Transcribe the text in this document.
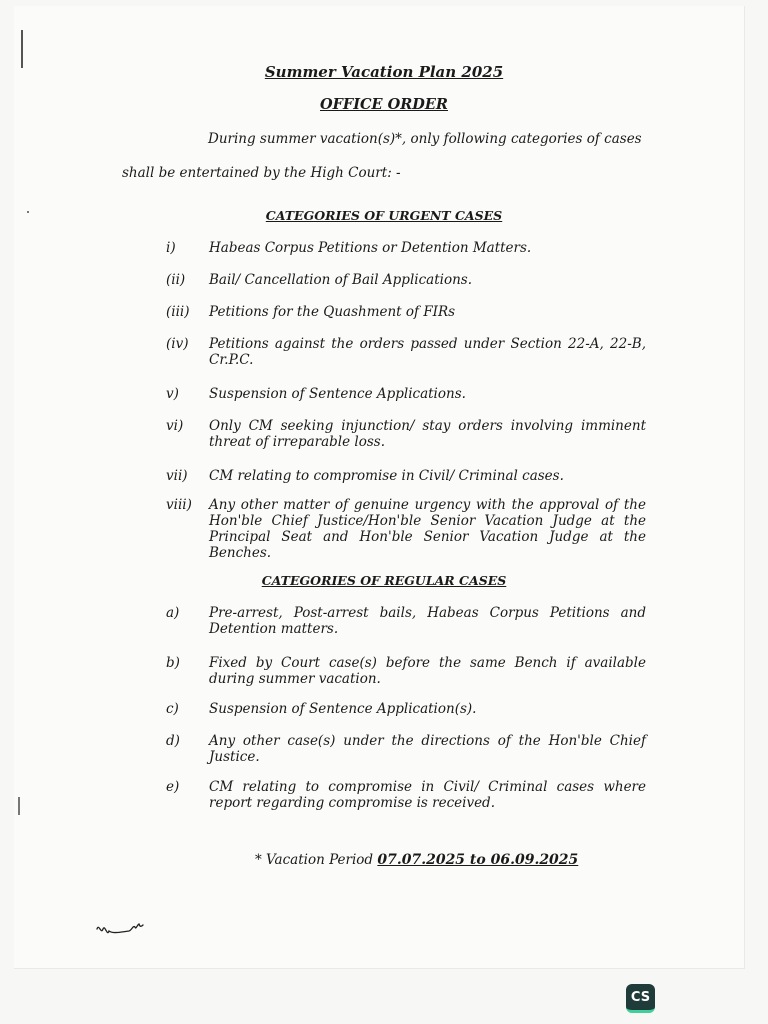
Summer Vacation Plan 2025
OFFICE ORDER
During summer vacation(s)*, only following categories of cases
shall be entertained by the High Court: -
CATEGORIES OF URGENT CASES
i) Habeas Corpus Petitions or Detention Matters.
(ii) Bail/ Cancellation of Bail Applications.
(iii) Petitions for the Quashment of FIRs
(iv) Petitions against the orders passed under Section 22-A, 22-B, Cr.P.C.
v) Suspension of Sentence Applications.
vi) Only CM seeking injunction/ stay orders involving imminent threat of irreparable loss.
vii) CM relating to compromise in Civil/ Criminal cases.
viii) Any other matter of genuine urgency with the approval of the Hon'ble Chief Justice/Hon'ble Senior Vacation Judge at the Principal Seat and Hon'ble Senior Vacation Judge at the Benches.
CATEGORIES OF REGULAR CASES
a) Pre-arrest, Post-arrest bails, Habeas Corpus Petitions and Detention matters.
b) Fixed by Court case(s) before the same Bench if available during summer vacation.
c) Suspension of Sentence Application(s).
d) Any other case(s) under the directions of the Hon'ble Chief Justice.
e) CM relating to compromise in Civil/ Criminal cases where report regarding compromise is received.
* Vacation Period 07.07.2025 to 06.09.2025
CS
